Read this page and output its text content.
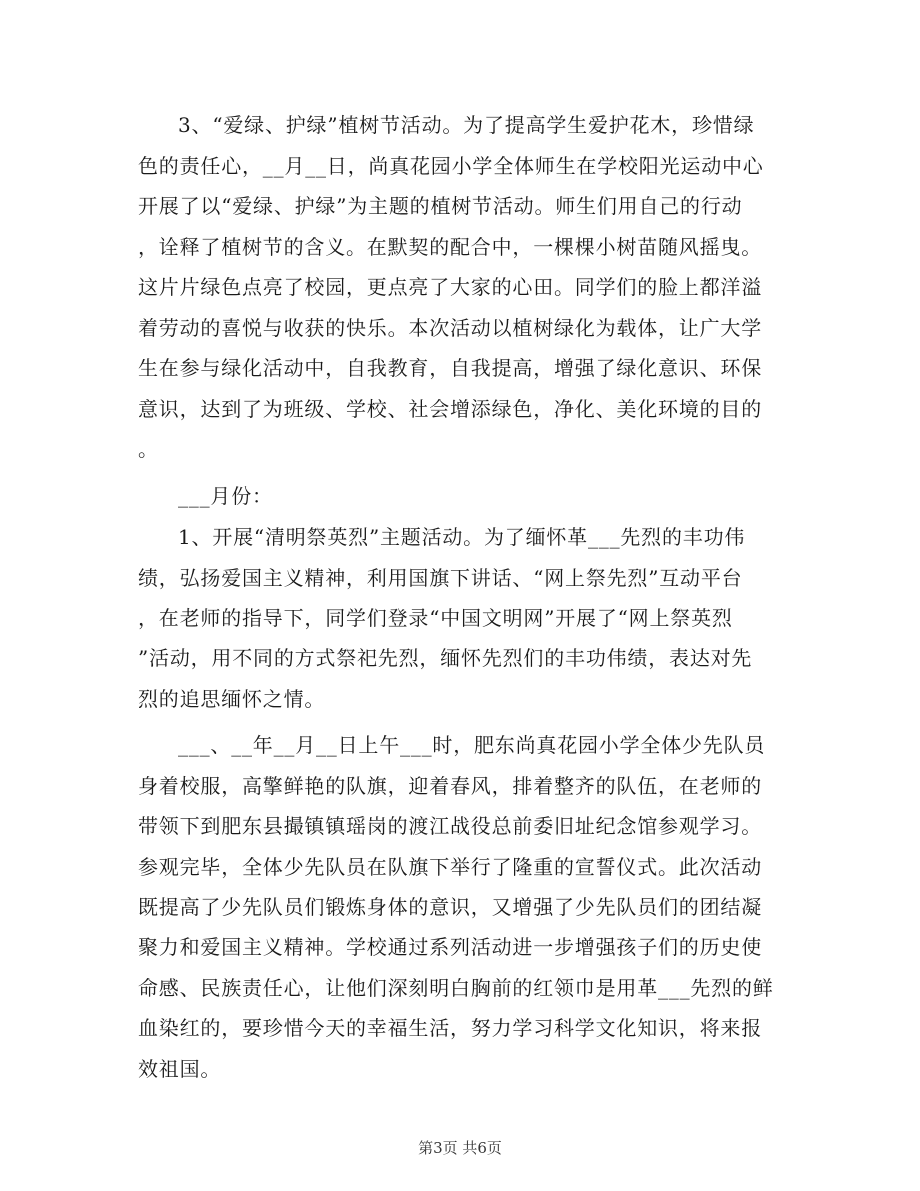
3、“爱绿、护绿”植树节活动。为了提高学生爱护花木，珍惜绿
色的责任心，__月__日，尚真花园小学全体师生在学校阳光运动中心
开展了以“爱绿、护绿”为主题的植树节活动。师生们用自己的行动
，诠释了植树节的含义。在默契的配合中，一棵棵小树苗随风摇曳。
这片片绿色点亮了校园，更点亮了大家的心田。同学们的脸上都洋溢
着劳动的喜悦与收获的快乐。本次活动以植树绿化为载体，让广大学
生在参与绿化活动中，自我教育，自我提高，增强了绿化意识、环保
意识，达到了为班级、学校、社会增添绿色，净化、美化环境的目的
。
___月份：
1、开展“清明祭英烈”主题活动。为了缅怀革___先烈的丰功伟
绩，弘扬爱国主义精神，利用国旗下讲话、“网上祭先烈”互动平台
，在老师的指导下，同学们登录“中国文明网”开展了“网上祭英烈
”活动，用不同的方式祭祀先烈，缅怀先烈们的丰功伟绩，表达对先
烈的追思缅怀之情。
___、__年__月__日上午___时，肥东尚真花园小学全体少先队员
身着校服，高擎鲜艳的队旗，迎着春风，排着整齐的队伍，在老师的
带领下到肥东县撮镇镇瑶岗的渡江战役总前委旧址纪念馆参观学习。
参观完毕，全体少先队员在队旗下举行了隆重的宣誓仪式。此次活动
既提高了少先队员们锻炼身体的意识，又增强了少先队员们的团结凝
聚力和爱国主义精神。学校通过系列活动进一步增强孩子们的历史使
命感、民族责任心，让他们深刻明白胸前的红领巾是用革___先烈的鲜
血染红的，要珍惜今天的幸福生活，努力学习科学文化知识，将来报
效祖国。
第3页 共6页
